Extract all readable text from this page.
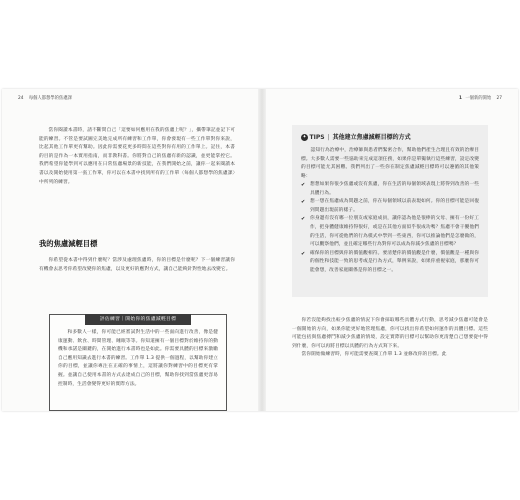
24 每個人都想學的焦慮課

當你閱讀本書時，請不斷問自己「這要如何應用在我的焦慮上呢？」，攜帶筆記並記下可能的練習。不管是要試圖完美地完成所有練習和工作單，你會發現有一些工作單對你來說，比起其他工作單更有幫助。因此你需要花更多時間在這些對你有用的工作單上。記住，本書的目的是作為一本實用指南，而非教科書。你將對自己的焦慮有新的認識，並更能掌控它。我們希望你能學到可以應用在日常焦慮場景的新技能，在我們開始之前，讓你一起來閱讀本書以及開始使用第一張工作單，你可以在本書中找到所有的工作單〈每個人都想學的焦慮課〉中所列的練習。

我的焦慮減輕目標

你希望從本書中得到什麼呢？當涉及處理焦慮時，你的目標是什麼呢？下一個練習讓你有機會去思考你希望改變你的焦慮，以及更好的應對方式，讓自己能夠針對性地去改變它。

評估練習｜開始你的焦慮減輕目標

和多數人一樣，你可能已經嘗試對生活中的一些面向進行改善，像是健康運動、飲食、時間管理、睡眠等等。你知道擁有一個目標對於維持你的動機和承諾是關鍵的，在開始進行本書時也是如此。你需要具體的目標來激勵自己應用知識去進行本書的練習。工作單 1.3 提供一個過程，以幫助你建立你的目標，並讓你專注在正確的事情上，這將讓你對練習中的目標更有掌握。並讓自己使用本書的方式去達成自己的目標，幫助你找到當焦慮更容易控制時，生活會變得更好的實際方法。

1 一個新的開始 27
✦ TIPS | 其他建立焦慮減輕目標的方式

認知行為治療中，治療師與患者們緊密合作，幫助他們產生合理且有效的治療目標。大多數人需要一些協助來完成這項任務，如果你是單獨執行這些練習，設定改變的目標可能尤其困難。我們列出了一些你在制定焦慮減輕目標時可以遵循的其他策略：

✔ 想想如果你很少焦慮或沒有焦慮，你在生活的每個領域表現上將得到改善的一些具體行為。
✔ 想一想在焦慮成為問題之前，你在每個領域以前表現如何。你的目標可能是回復到問題出現前的樣子。
✔ 你身邊有沒有哪一位朋友或家庭成員，讓你認為他是很棒的父母、擁有一份好工作，把身體健康維持得很好，或是在其他方面似乎很成功嗎？焦慮不會干擾他們的生活，你可從他們的行為模式中學到一些東西，你可以推論他們是怎麼做的，可以觀察他們，並且確定哪些行為對你可以成為你減少焦慮的目標嗎？
✔ 確保你的目標與你的價值觀相符。要清楚你的價值觀是什麼，價值觀是一種與你的個性和技能一致的思考或是行為方式，舉例來說，如果你重視家庭，那麼你可能會想，改善家庭關係是你的目標之一。

你若沒能夠找出較少焦慮的情況下你會採取哪些具體方式行動，思考減少焦慮可能會是一個開始的方向，如果你能更好地管理焦慮，你可以找出你希望如何運作的具體目標。這些可能包括與焦慮搏鬥和減少焦慮的情境，設定實際的目標可以幫助你更清楚自己想要從中得到什麼，你可以再將目標以具體的行為方式寫下來。

當你開始做練習時，你可能需要查閱工作單 1.3 並修改你的目標。此
